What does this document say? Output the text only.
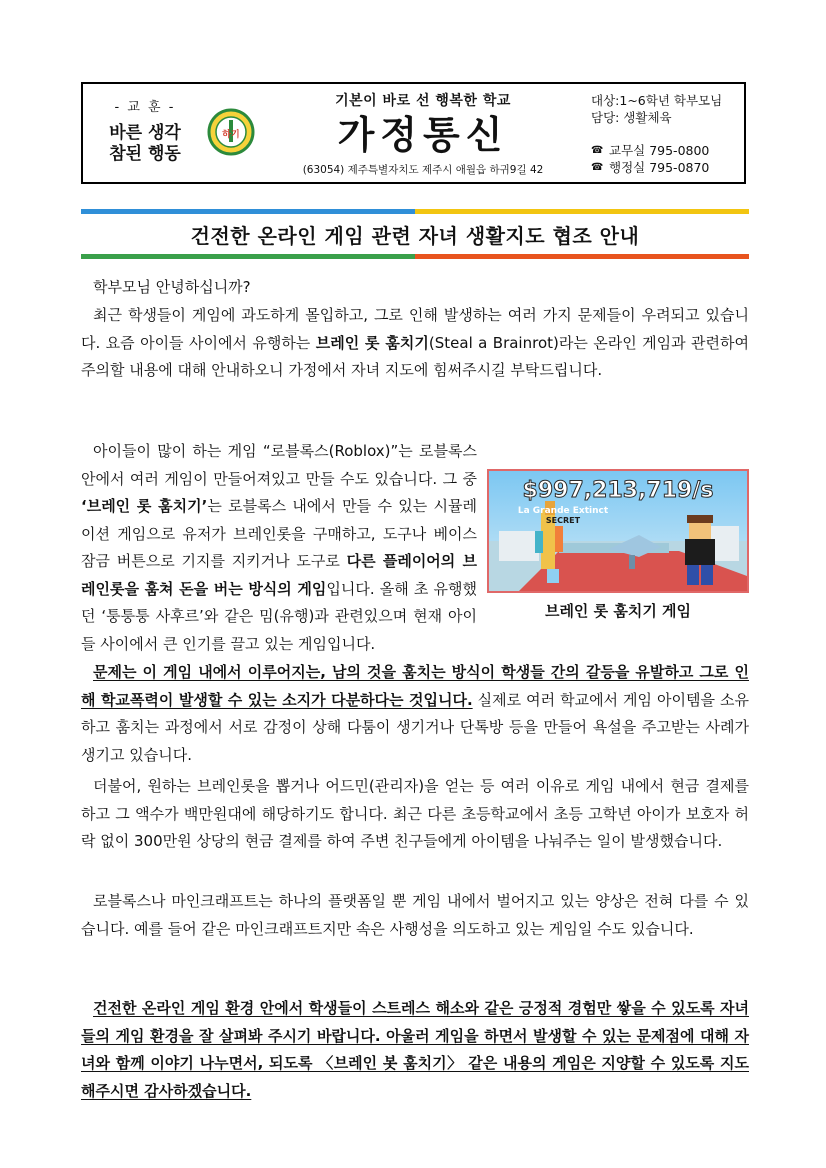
- 교 훈 -
바른 생각
참된 행동
하기
기본이 바로 선 행복한 학교
가정통신
(63054) 제주특별자치도 제주시 애월읍 하귀9길 42
대상:1~6학년 학부모님
담당: 생활체육
☎ 교무실 795-0800
☎ 행정실 795-0870
건전한 온라인 게임 관련 자녀 생활지도 협조 안내
학부모님 안녕하십니까?

최근 학생들이 게임에 과도하게 몰입하고, 그로 인해 발생하는 여러 가지 문제들이 우려되고 있습니다. 요즘 아이들 사이에서 유행하는 브레인 롯 훔치기(Steal a Brainrot)라는 온라인 게임과 관련하여 주의할 내용에 대해 안내하오니 가정에서 자녀 지도에 힘써주시길 부탁드립니다.

아이들이 많이 하는 게임 “로블록스(Roblox)”는 로블록스 안에서 여러 게임이 만들어져있고 만들 수도 있습니다. 그 중 ‘브레인 롯 훔치기’는 로블록스 내에서 만들 수 있는 시뮬레이션 게임으로 유저가 브레인롯을 구매하고, 도구나 베이스 잠금 버튼으로 기지를 지키거나 도구로 다른 플레이어의 브레인롯을 훔쳐 돈을 버는 방식의 게임입니다. 올해 초 유행했던 ‘퉁퉁퉁 사후르’와 같은 밈(유행)과 관련있으며 현재 아이들 사이에서 큰 인기를 끌고 있는 게임입니다.

$997,213,719/s
La Grande Extinct
SECRET
브레인 롯 훔치기 게임

문제는 이 게임 내에서 이루어지는, 남의 것을 훔치는 방식이 학생들 간의 갈등을 유발하고 그로 인해 학교폭력이 발생할 수 있는 소지가 다분하다는 것입니다. 실제로 여러 학교에서 게임 아이템을 소유하고 훔치는 과정에서 서로 감정이 상해 다툼이 생기거나 단톡방 등을 만들어 욕설을 주고받는 사례가 생기고 있습니다.

더불어, 원하는 브레인롯을 뽑거나 어드민(관리자)을 얻는 등 여러 이유로 게임 내에서 현금 결제를 하고 그 액수가 백만원대에 해당하기도 합니다. 최근 다른 초등학교에서 초등 고학년 아이가 보호자 허락 없이 300만원 상당의 현금 결제를 하여 주변 친구들에게 아이템을 나눠주는 일이 발생했습니다.

로블록스나 마인크래프트는 하나의 플랫폼일 뿐 게임 내에서 벌어지고 있는 양상은 전혀 다를 수 있습니다. 예를 들어 같은 마인크래프트지만 속은 사행성을 의도하고 있는 게임일 수도 있습니다.

건전한 온라인 게임 환경 안에서 학생들이 스트레스 해소와 같은 긍정적 경험만 쌓을 수 있도록 자녀들의 게임 환경을 잘 살펴봐 주시기 바랍니다. 아울러 게임을 하면서 발생할 수 있는 문제점에 대해 자녀와 함께 이야기 나누면서, 되도록 〈브레인 봇 훔치기〉 같은 내용의 게임은 지양할 수 있도록 지도해주시면 감사하겠습니다.
